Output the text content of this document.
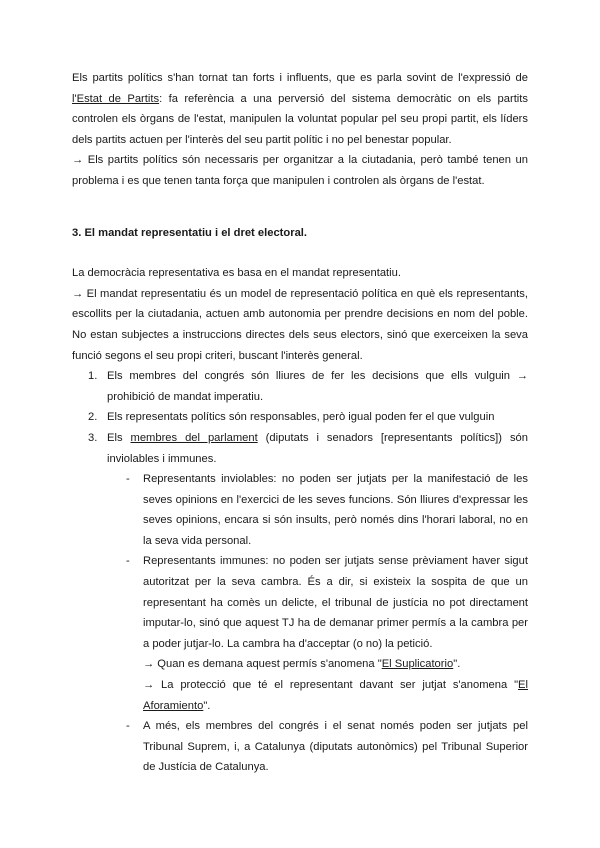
Els partits polítics s'han tornat tan forts i influents, que es parla sovint de l'expressió de l'Estat de Partits: fa referència a una perversió del sistema democràtic on els partits controlen els òrgans de l'estat, manipulen la voluntat popular pel seu propi partit, els líders dels partits actuen per l'interès del seu partit polític i no pel benestar popular.

→ Els partits polítics són necessaris per organitzar a la ciutadania, però també tenen un problema i es que tenen tanta força que manipulen i controlen als òrgans de l'estat.

3. El mandat representatiu i el dret electoral.

La democràcia representativa es basa en el mandat representatiu.

→ El mandat representatiu és un model de representació política en què els representants, escollits per la ciutadania, actuen amb autonomia per prendre decisions en nom del poble. No estan subjectes a instruccions directes dels seus electors, sinó que exerceixen la seva funció segons el seu propi criteri, buscant l'interès general.

1. Els membres del congrés són lliures de fer les decisions que ells vulguin → prohibició de mandat imperatiu.
2. Els representats polítics són responsables, però igual poden fer el que vulguin
3. Els membres del parlament (diputats i senadors [representants polítics]) són inviolables i immunes.
- Representants inviolables: no poden ser jutjats per la manifestació de les seves opinions en l'exercici de les seves funcions. Són lliures d'expressar les seves opinions, encara si són insults, però només dins l'horari laboral, no en la seva vida personal.
- Representants immunes: no poden ser jutjats sense prèviament haver sigut autoritzat per la seva cambra. És a dir, si existeix la sospita de que un representant ha comès un delicte, el tribunal de justícia no pot directament imputar-lo, sinó que aquest TJ ha de demanar primer permís a la cambra per a poder jutjar-lo. La cambra ha d'acceptar (o no) la petició.

→ Quan es demana aquest permís s'anomena "El Suplicatorio".

→ La protecció que té el representant davant ser jutjat s'anomena "El Aforamiento".

- A més, els membres del congrés i el senat només poden ser jutjats pel Tribunal Suprem, i, a Catalunya (diputats autonòmics) pel Tribunal Superior de Justícia de Catalunya.
